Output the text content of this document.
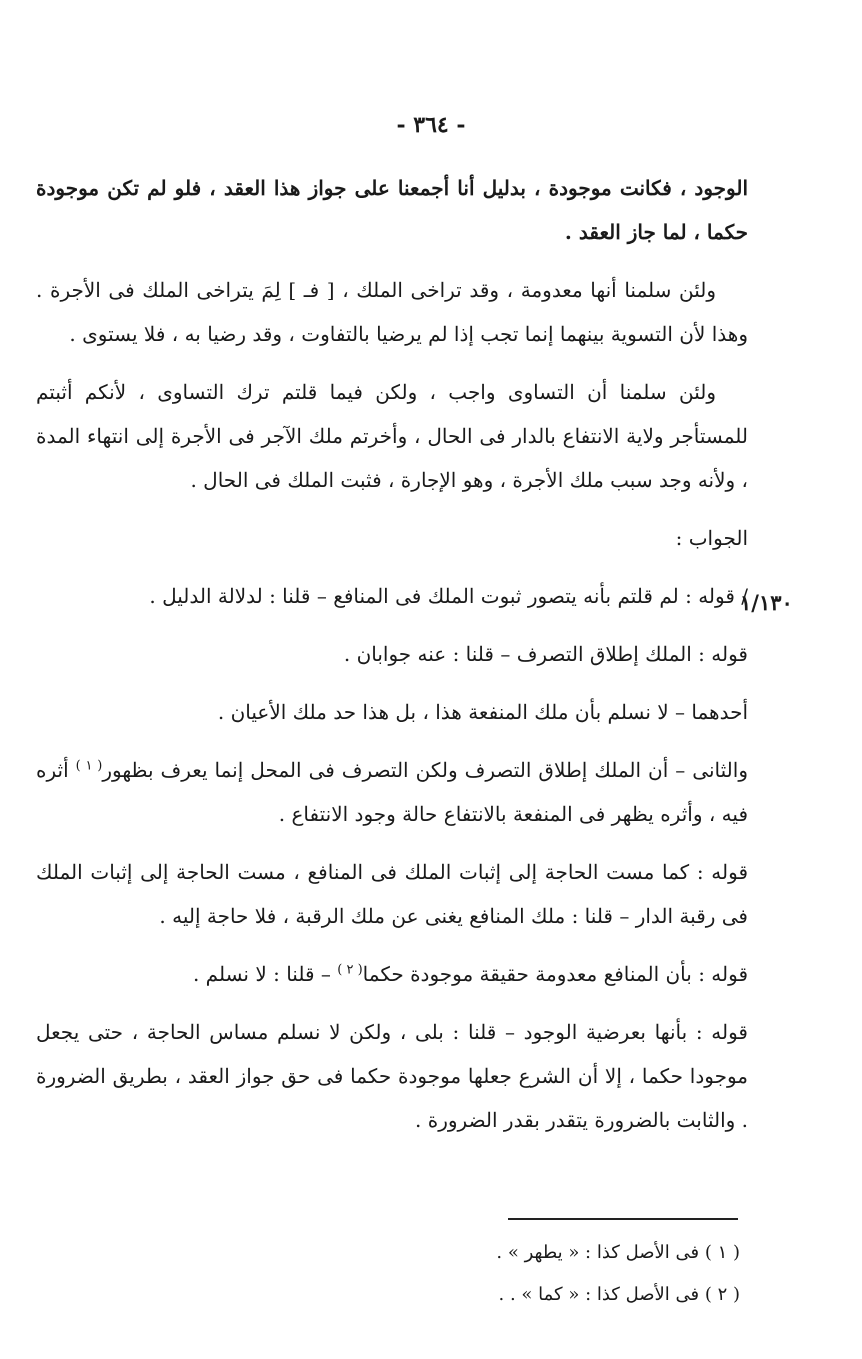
- ٣٦٤ -
١/١٣٠

الوجود ، فكانت موجودة ، بدليل أنا أجمعنا على جواز هذا العقد ، فلو لم تكن موجودة حكما ، لما جاز العقد .

ولئن سلمنا أنها معدومة ، وقد تراخى الملك ، [ فـ ] لِمَ يتراخى الملك فى الأجرة . وهذا لأن التسوية بينهما إنما تجب إذا لم يرضيا بالتفاوت ، وقد رضيا به ، فلا يستوى .

ولئن سلمنا أن التساوى واجب ، ولكن فيما قلتم ترك التساوى ، لأنكم أثبتم للمستأجر ولاية الانتفاع بالدار فى الحال ، وأخرتم ملك الآجر فى الأجرة إلى انتهاء المدة ، ولأنه وجد سبب ملك الأجرة ، وهو الإجارة ، فثبت الملك فى الحال .

الجواب :

/ قوله : لم قلتم بأنه يتصور ثبوت الملك فى المنافع – قلنا : لدلالة الدليل .

قوله : الملك إطلاق التصرف – قلنا : عنه جوابان .

أحدهما – لا نسلم بأن ملك المنفعة هذا ، بل هذا حد ملك الأعيان .

والثانى – أن الملك إطلاق التصرف ولكن التصرف فى المحل إنما يعرف بظهور$^{( ١ )}$ أثره فيه ، وأثره يظهر فى المنفعة بالانتفاع حالة وجود الانتفاع .

قوله : كما مست الحاجة إلى إثبات الملك فى المنافع ، مست الحاجة إلى إثبات الملك فى رقبة الدار – قلنا : ملك المنافع يغنى عن ملك الرقبة ، فلا حاجة إليه .

قوله : بأن المنافع معدومة حقيقة موجودة حكما$^{( ٢ )}$ – قلنا : لا نسلم .

قوله : بأنها بعرضية الوجود – قلنا : بلى ، ولكن لا نسلم مساس الحاجة ، حتى يجعل موجودا حكما ، إلا أن الشرع جعلها موجودة حكما فى حق جواز العقد ، بطريق الضرورة . والثابت بالضرورة يتقدر بقدر الضرورة .

( ١ ) فى الأصل كذا : « يطهر » .

( ٢ ) فى الأصل كذا : « كما » . .
